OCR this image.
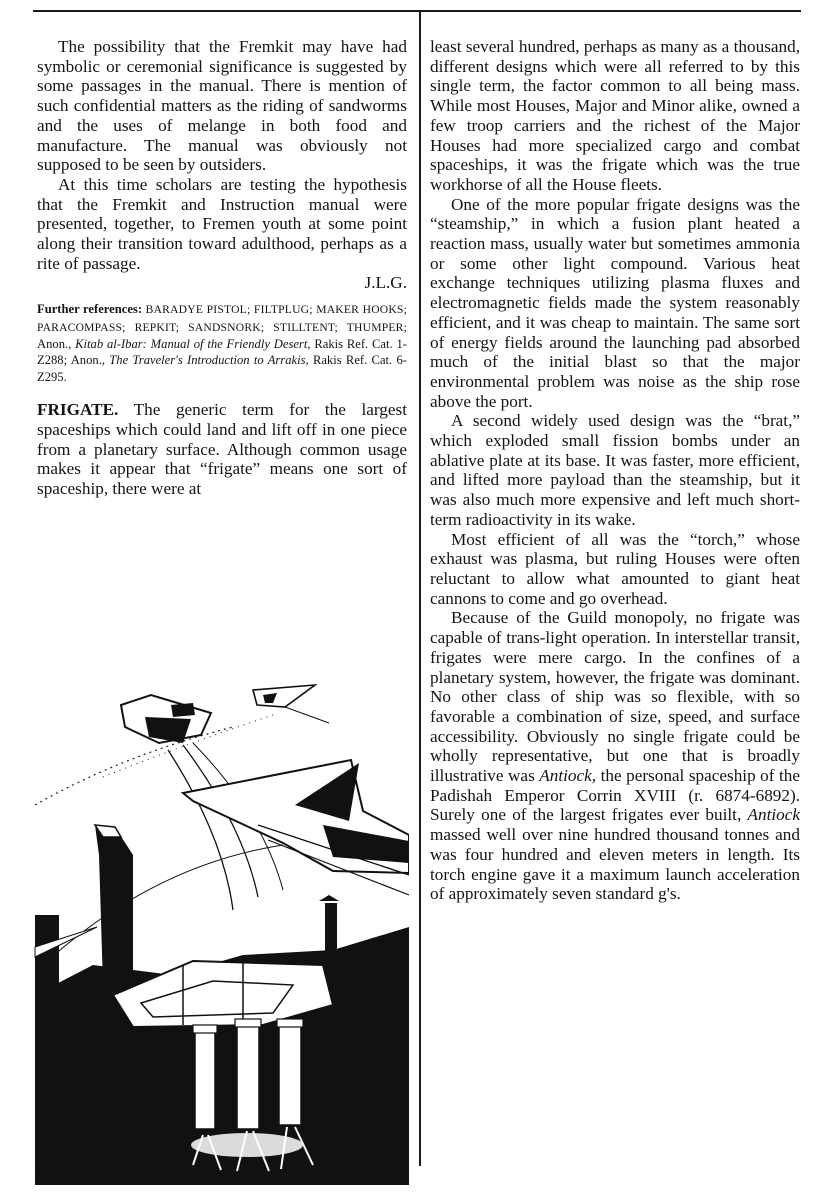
The possibility that the Fremkit may have had symbolic or ceremonial significance is suggested by some passages in the manual. There is mention of such confidential matters as the riding of sandworms and the uses of melange in both food and manufacture. The manual was obviously not supposed to be seen by outsiders.

At this time scholars are testing the hypothesis that the Fremkit and Instruction manual were presented, together, to Fremen youth at some point along their transition toward adulthood, perhaps as a rite of passage.

J.L.G.

Further references: BARADYE PISTOL; FILTPLUG; MAKER HOOKS; PARACOMPASS; REPKIT; SANDSNORK; STILLTENT; THUMPER; Anon., Kitab al-Ibar: Manual of the Friendly Desert, Rakis Ref. Cat. 1-Z288; Anon., The Traveler's Introduction to Arrakis, Rakis Ref. Cat. 6-Z295.

FRIGATE. The generic term for the largest spaceships which could land and lift off in one piece from a planetary surface. Although common usage makes it appear that “frigate” means one sort of spaceship, there were at

least several hundred, perhaps as many as a thousand, different designs which were all referred to by this single term, the factor common to all being mass. While most Houses, Major and Minor alike, owned a few troop carriers and the richest of the Major Houses had more specialized cargo and combat spaceships, it was the frigate which was the true workhorse of all the House fleets.

One of the more popular frigate designs was the “steamship,” in which a fusion plant heated a reaction mass, usually water but sometimes ammonia or some other light compound. Various heat exchange techniques utilizing plasma fluxes and electromagnetic fields made the system reasonably efficient, and it was cheap to maintain. The same sort of energy fields around the launching pad absorbed much of the initial blast so that the major environmental problem was noise as the ship rose above the port.

A second widely used design was the “brat,” which exploded small fission bombs under an ablative plate at its base. It was faster, more efficient, and lifted more payload than the steamship, but it was also much more expensive and left much short-term radioactivity in its wake.

Most efficient of all was the “torch,” whose exhaust was plasma, but ruling Houses were often reluctant to allow what amounted to giant heat cannons to come and go overhead.

Because of the Guild monopoly, no frigate was capable of trans-light operation. In interstellar transit, frigates were mere cargo. In the confines of a planetary system, however, the frigate was dominant. No other class of ship was so flexible, with so favorable a combination of size, speed, and surface accessibility. Obviously no single frigate could be wholly representative, but one that is broadly illustrative was Antiock, the personal spaceship of the Padishah Emperor Corrin XVIII (r. 6874-6892). Surely one of the largest frigates ever built, Antiock massed well over nine hundred thousand tonnes and was four hundred and eleven meters in length. Its torch engine gave it a maximum launch acceleration of approximately seven standard g's.

©1984 MATT HOWARTH
